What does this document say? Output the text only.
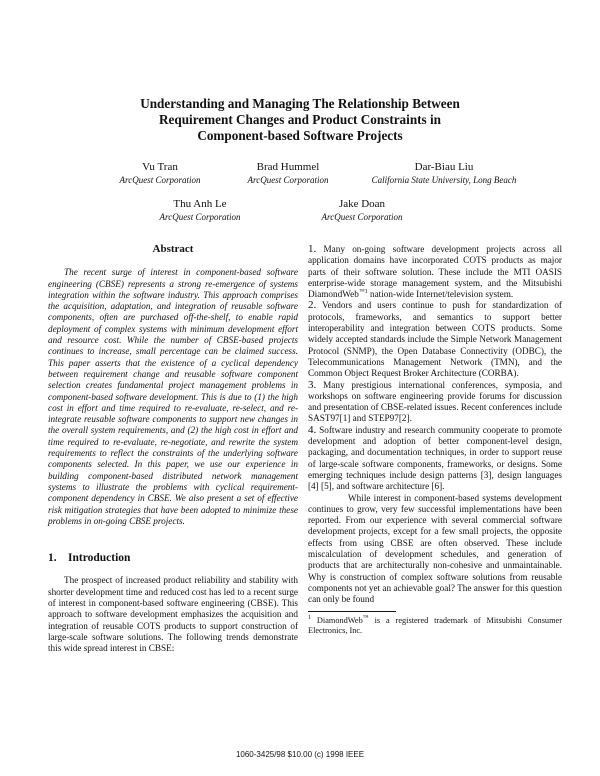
Understanding and Managing The Relationship Between
Requirement Changes and Product Constraints in
Component-based Software Projects
Vu Tran
ArcQuest Corporation
Brad Hummel
ArcQuest Corporation
Dar-Biau Liu
California State University, Long Beach
Thu Anh Le
ArcQuest Corporation
Jake Doan
ArcQuest Corporation
Abstract

The recent surge of interest in component-based software engineering (CBSE) represents a strong re-emergence of systems integration within the software industry. This approach comprises the acquisition, adaptation, and integration of reusable software components, often are purchased off-the-shelf, to enable rapid deployment of complex systems with minimum development effort and resource cost. While the number of CBSE-based projects continues to increase, small percentage can be claimed success. This paper asserts that the existence of a cyclical dependency between requirement change and reusable software component selection creates fundamental project management problems in component-based software development. This is due to (1) the high cost in effort and time required to re-evaluate, re-select, and re-integrate reusable software components to support new changes in the overall system requirements, and (2) the high cost in effort and time required to re-evaluate, re-negotiate, and rewrite the system requirements to reflect the constraints of the underlying software components selected. In this paper, we use our experience in building component-based distributed network management systems to illustrate the problems with cyclical requirement-component dependency in CBSE. We also present a set of effective risk mitigation strategies that have been adopted to minimize these problems in on-going CBSE projects.

1. Introduction

The prospect of increased product reliability and stability with shorter development time and reduced cost has led to a recent surge of interest in component-based software engineering (CBSE). This approach to software development emphasizes the acquisition and integration of reusable COTS products to support construction of large-scale software solutions. The following trends demonstrate this wide spread interest in CBSE:

1. Many on-going software development projects across all application domains have incorporated COTS products as major parts of their software solution. These include the MTI OASIS enterprise-wide storage management system, and the Mitsubishi DiamondWeb$^{™1}$ nation-wide Internet/television system.

2. Vendors and users continue to push for standardization of protocols, frameworks, and semantics to support better interoperability and integration between COTS products. Some widely accepted standards include the Simple Network Management Protocol (SNMP), the Open Database Connectivity (ODBC), the Telecommunications Management Network (TMN), and the Common Object Request Broker Architecture (CORBA).

3. Many prestigious international conferences, symposia, and workshops on software engineering provide forums for discussion and presentation of CBSE-related issues. Recent conferences include SAST97[1] and STEP97[2].

4. Software industry and research community cooperate to promote development and adoption of better component-level design, packaging, and documentation techniques, in order to support reuse of large-scale software components, frameworks, or designs. Some emerging techniques include design patterns [3], design languages [4] [5], and software architecture [6].

While interest in component-based systems development continues to grow, very few successful implementations have been reported. From our experience with several commercial software development projects, except for a few small projects, the opposite effects from using CBSE are often observed. These include miscalculation of development schedules, and generation of products that are architecturally non-cohesive and unmaintainable. Why is construction of complex software solutions from reusable components not yet an achievable goal? The answer for this question can only be found

$^1$ DiamondWeb™ is a registered trademark of Mitsubishi Consumer Electronics, Inc.

1060-3425/98 $10.00 (c) 1998 IEEE
